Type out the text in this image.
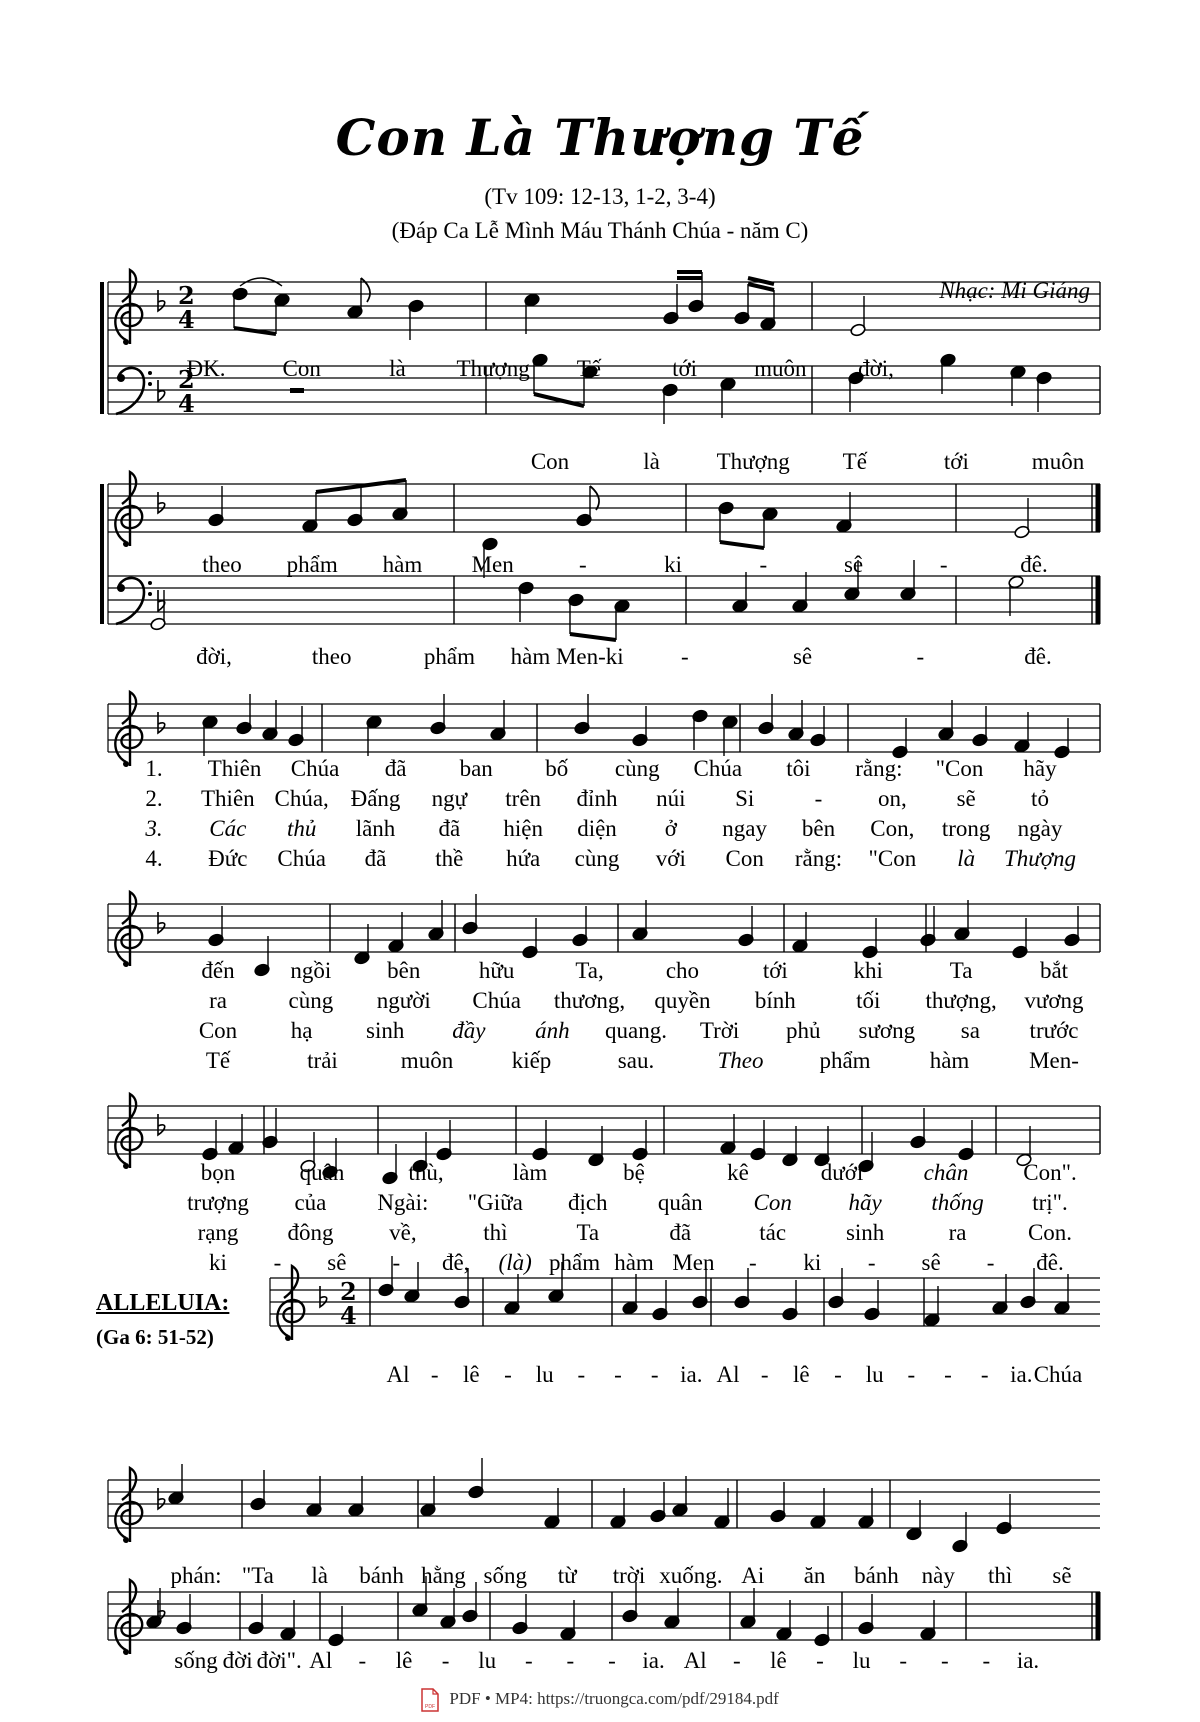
Con Là Thượng Tế
(Tv 109: 12-13, 1-2, 3-4)
(Đáp Ca Lễ Mình Máu Thánh Chúa - năm C)
Nhạc: Mi Giáng
2
4
2
4
2
4
ĐK. Con	là Thượng Tế	tới muôn đời,
Con	là Thượng Tế	tới	muôn
theo phẩm hàm Men	-	ki	-	sê	-	đê.
đời,	theo	phẩm hàm Men-ki -	sê	-	đê.
1. Thiên Chúa đã ban bố cùng Chúa tôi rằng: "Con hãy
2. Thiên Chúa, Đấng ngự trên đỉnh núi Si	- on, sẽ tỏ
3. Các thủ lãnh đã hiện diện ở ngay bên Con, trong ngày
4. Đức Chúa đã thề hứa cùng với Con rằng: "Con là Thượng
đến ngồi bên	hữu	Ta,	cho	tới	khi	Ta	bắt
ra	cùng người Chúa thương, quyền bính	tối thượng, vương
Con hạ sinh đầy ánh quang. Trời phủ sương sa trước
Tế	trải	muôn	kiếp	sau.	Theo phẩm	hàm	Men-
bọn	quân	thù,	làm	bệ	kê	dưới	chân Con".
trượng của Ngài: "Giữa địch quân Con hãy thống trị".
rạng đông về,	thì	Ta	đã	tác	sinh	ra	Con.
ki - sê - đê, (là) phẩm hàm Men - ki - sê - đê.
Al - lê - lu - - - ia. Al - lê - lu - - - ia. Chúa
phán: "Ta là bánh hằng sống từ trời xuống. Ai ăn bánh này thì sẽ
sống đời đời". Al - lê - lu - - - ia. Al - lê - lu - - - ia.
ALLELUIA:
(Ga 6: 51-52)
PDF PDF • MP4: https://truongca.com/pdf/29184.pdf
